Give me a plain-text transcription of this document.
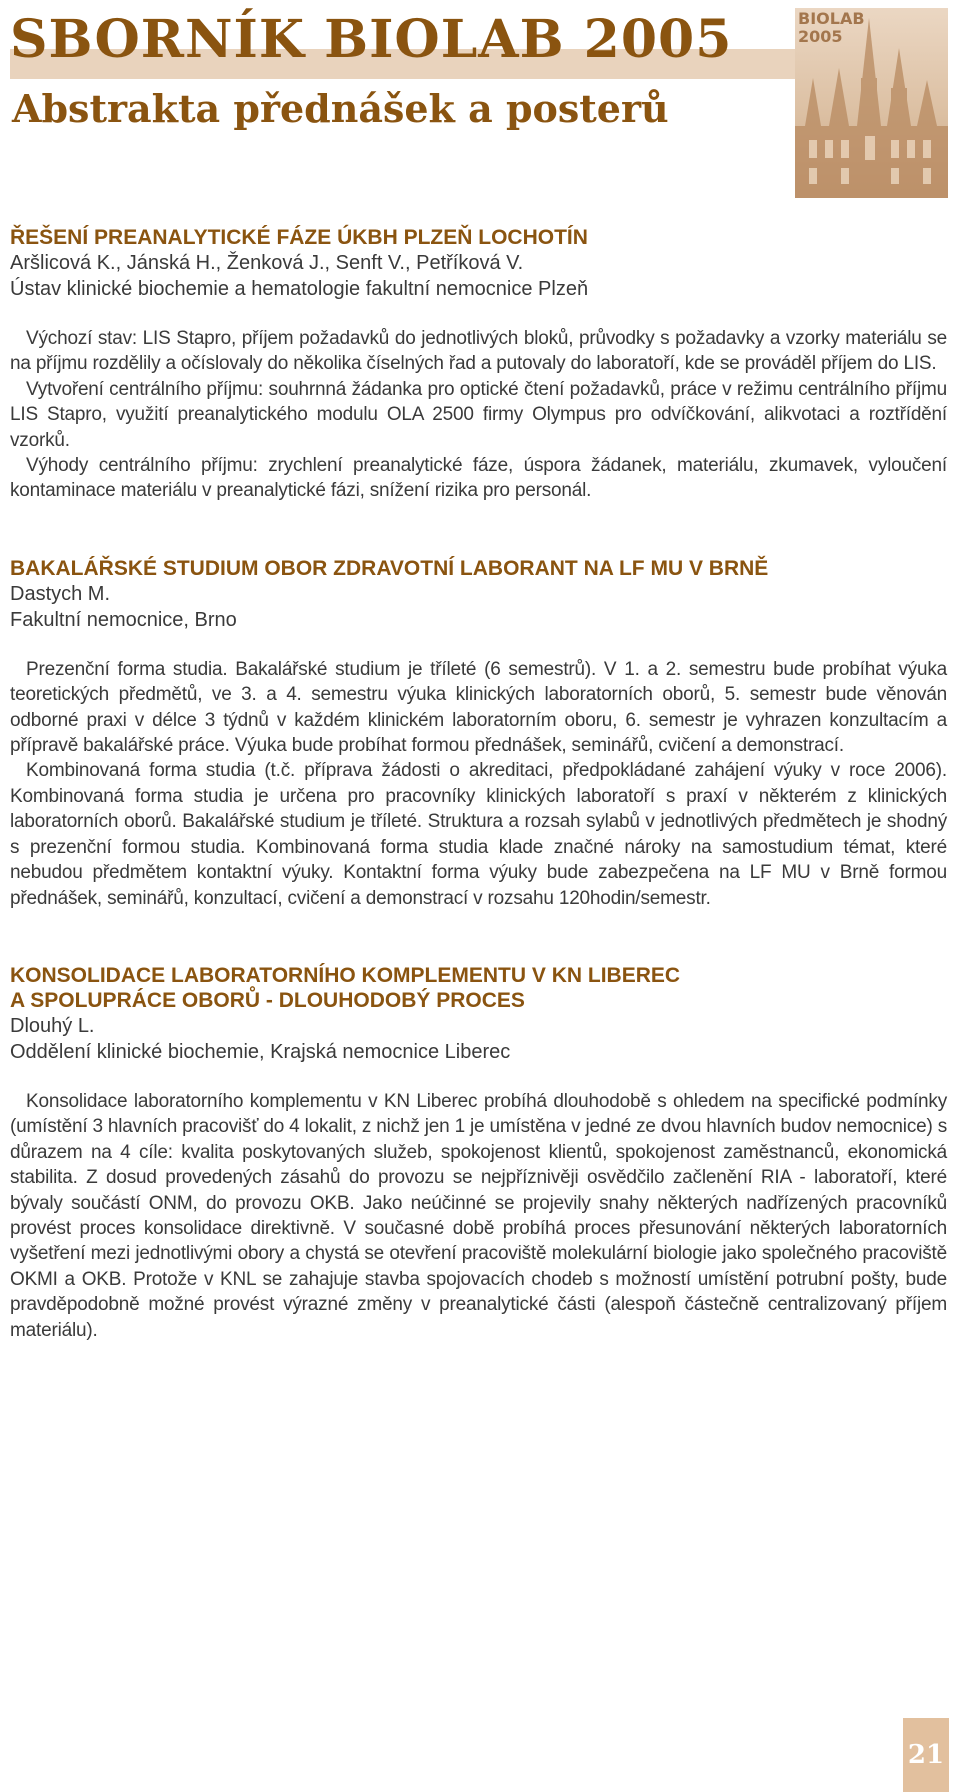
SBORNÍK BIOLAB 2005
Abstrakta přednášek a posterů
BIOLAB 2005

ŘEŠENÍ PREANALYTICKÉ FÁZE ÚKBH PLZEŇ LOCHOTÍN

Aršlicová K., Jánská H., Ženková J., Senft V., Petříková V.

Ústav klinické biochemie a hematologie fakultní nemocnice Plzeň

Výchozí stav: LIS Stapro, příjem požadavků do jednotlivých bloků, průvodky s požadavky a vzorky materiálu se na příjmu rozdělily a očíslovaly do několika číselných řad a putovaly do laboratoří, kde se prováděl příjem do LIS.

Vytvoření centrálního příjmu: souhrnná žádanka pro optické čtení požadavků, práce v režimu centrálního příjmu LIS Stapro, využití preanalytického modulu OLA 2500 firmy Olympus pro odvíčkování, alikvotaci a roztřídění vzorků.

Výhody centrálního příjmu: zrychlení preanalytické fáze, úspora žádanek, materiálu, zkumavek, vyloučení kontaminace materiálu v preanalytické fázi, snížení rizika pro personál.

BAKALÁŘSKÉ STUDIUM OBOR ZDRAVOTNÍ LABORANT NA LF MU V BRNĚ

Dastych M.

Fakultní nemocnice, Brno

Prezenční forma studia. Bakalářské studium je tříleté (6 semestrů). V 1. a 2. semestru bude probíhat výuka teoretických předmětů, ve 3. a 4. semestru výuka klinických laboratorních oborů, 5. semestr bude věnován odborné praxi v délce 3 týdnů v každém klinickém laboratorním oboru, 6. semestr je vyhrazen konzultacím a přípravě bakalářské práce. Výuka bude probíhat formou přednášek, seminářů, cvičení a demonstrací.

Kombinovaná forma studia (t.č. příprava žádosti o akreditaci, předpokládané zahájení výuky v roce 2006). Kombinovaná forma studia je určena pro pracovníky klinických laboratoří s praxí v některém z klinických laboratorních oborů. Bakalářské studium je tříleté. Struktura a rozsah sylabů v jednotlivých předmětech je shodný s prezenční formou studia. Kombinovaná forma studia klade značné nároky na samostudium témat, které nebudou předmětem kontaktní výuky. Kontaktní forma výuky bude zabezpečena na LF MU v Brně formou přednášek, seminářů, konzultací, cvičení a demonstrací v rozsahu 120hodin/semestr.

KONSOLIDACE LABORATORNÍHO KOMPLEMENTU V KN LIBEREC
A SPOLUPRÁCE OBORŮ - DLOUHODOBÝ PROCES

Dlouhý L.

Oddělení klinické biochemie, Krajská nemocnice Liberec

Konsolidace laboratorního komplementu v KN Liberec probíhá dlouhodobě s ohledem na specifické podmínky (umístění 3 hlavních pracovišť do 4 lokalit, z nichž jen 1 je umístěna v jedné ze dvou hlavních budov nemocnice) s důrazem na 4 cíle: kvalita poskytovaných služeb, spokojenost klientů, spokojenost zaměstnanců, ekonomická stabilita. Z dosud provedených zásahů do provozu se nejpříznivěji osvědčilo začlenění RIA - laboratoří, které bývaly součástí ONM, do provozu OKB. Jako neúčinné se projevily snahy některých nadřízených pracovníků provést proces konsolidace direktivně. V současné době probíhá proces přesunování některých laboratorních vyšetření mezi jednotlivými obory a chystá se otevření pracoviště molekulární biologie jako společného pracoviště OKMI a OKB. Protože v KNL se zahajuje stavba spojovacích chodeb s možností umístění potrubní pošty, bude pravděpodobně možné provést výrazné změny v preanalytické části (alespoň částečně centralizovaný příjem materiálu).

21
